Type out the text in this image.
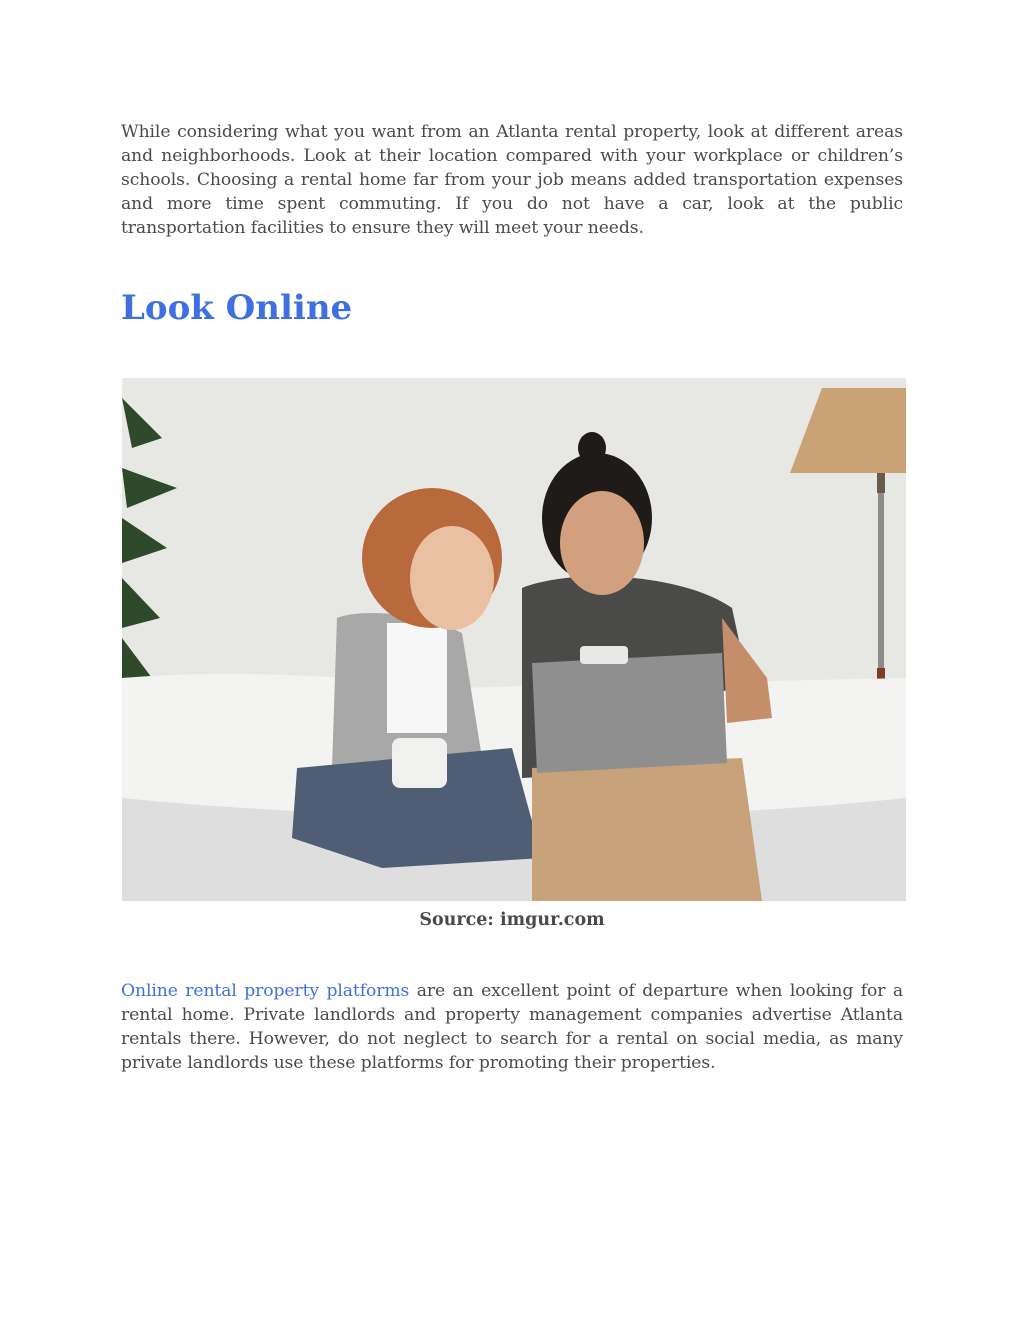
While considering what you want from an Atlanta rental property, look at different areas and neighborhoods. Look at their location compared with your workplace or children’s schools. Choosing a rental home far from your job means added transportation expenses and more time spent commuting. If you do not have a car, look at the public transportation facilities to ensure they will meet your needs.

Look Online
Source: imgur.com

Online rental property platforms are an excellent point of departure when looking for a rental home. Private landlords and property management companies advertise Atlanta rentals there. However, do not neglect to search for a rental on social media, as many private landlords use these platforms for promoting their properties.
